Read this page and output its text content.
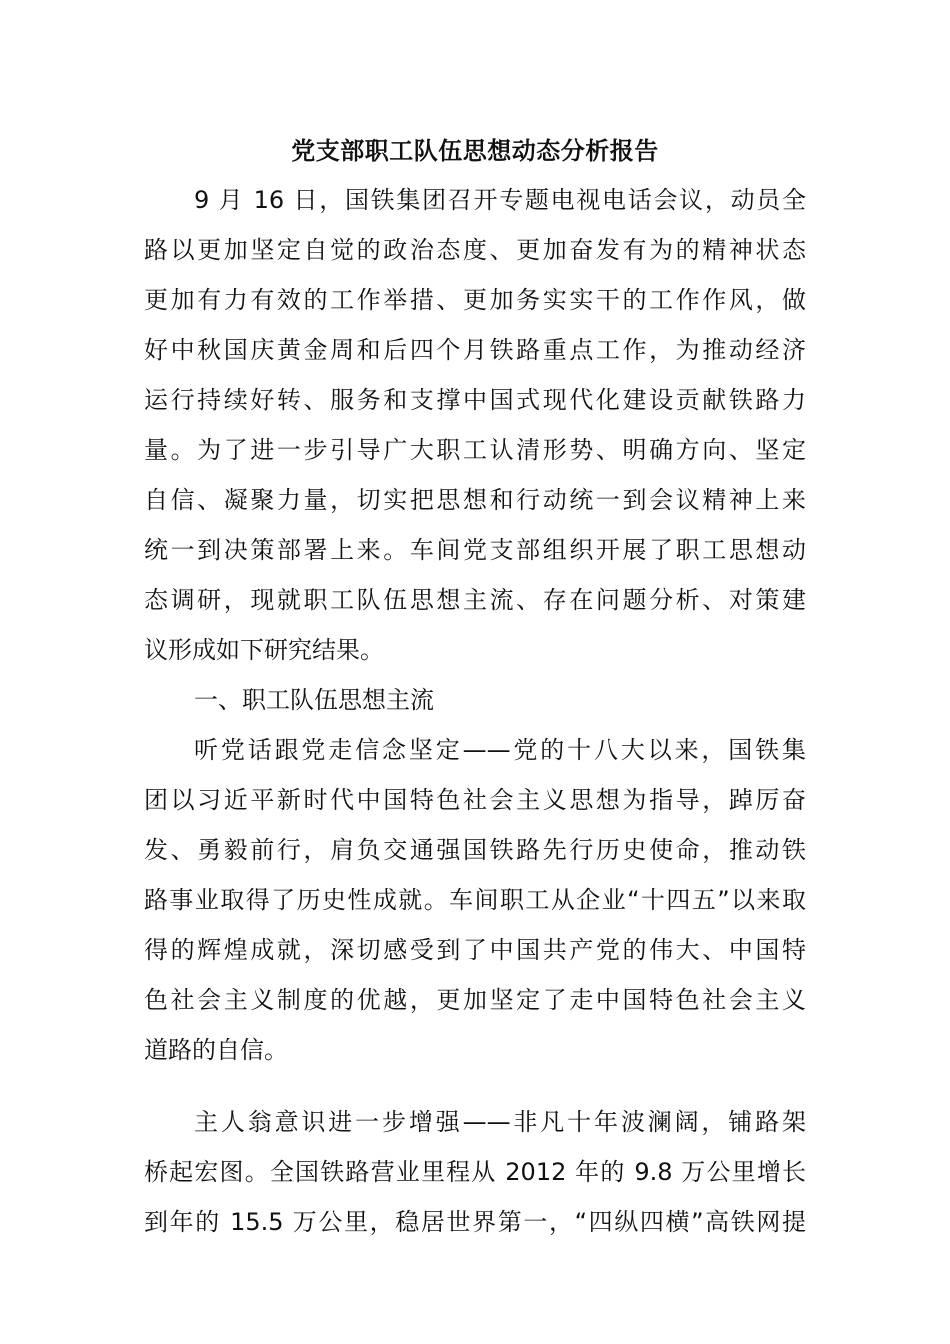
党支部职工队伍思想动态分析报告
9 月 16 日，国铁集团召开专题电视电话会议，动员全
路以更加坚定自觉的政治态度、更加奋发有为的精神状态
更加有力有效的工作举措、更加务实实干的工作作风，做
好中秋国庆黄金周和后四个月铁路重点工作，为推动经济
运行持续好转、服务和支撑中国式现代化建设贡献铁路力
量。为了进一步引导广大职工认清形势、明确方向、坚定
自信、凝聚力量，切实把思想和行动统一到会议精神上来
统一到决策部署上来。车间党支部组织开展了职工思想动
态调研，现就职工队伍思想主流、存在问题分析、对策建
议形成如下研究结果。
一、职工队伍思想主流
听党话跟党走信念坚定——党的十八大以来，国铁集
团以习近平新时代中国特色社会主义思想为指导，踔厉奋
发、勇毅前行，肩负交通强国铁路先行历史使命，推动铁
路事业取得了历史性成就。车间职工从企业“十四五”以来取
得的辉煌成就，深切感受到了中国共产党的伟大、中国特
色社会主义制度的优越，更加坚定了走中国特色社会主义
道路的自信。
主人翁意识进一步增强——非凡十年波澜阔，铺路架
桥起宏图。全国铁路营业里程从 2012 年的 9.8 万公里增长
到年的 15.5 万公里，稳居世界第一，“四纵四横”高铁网提
